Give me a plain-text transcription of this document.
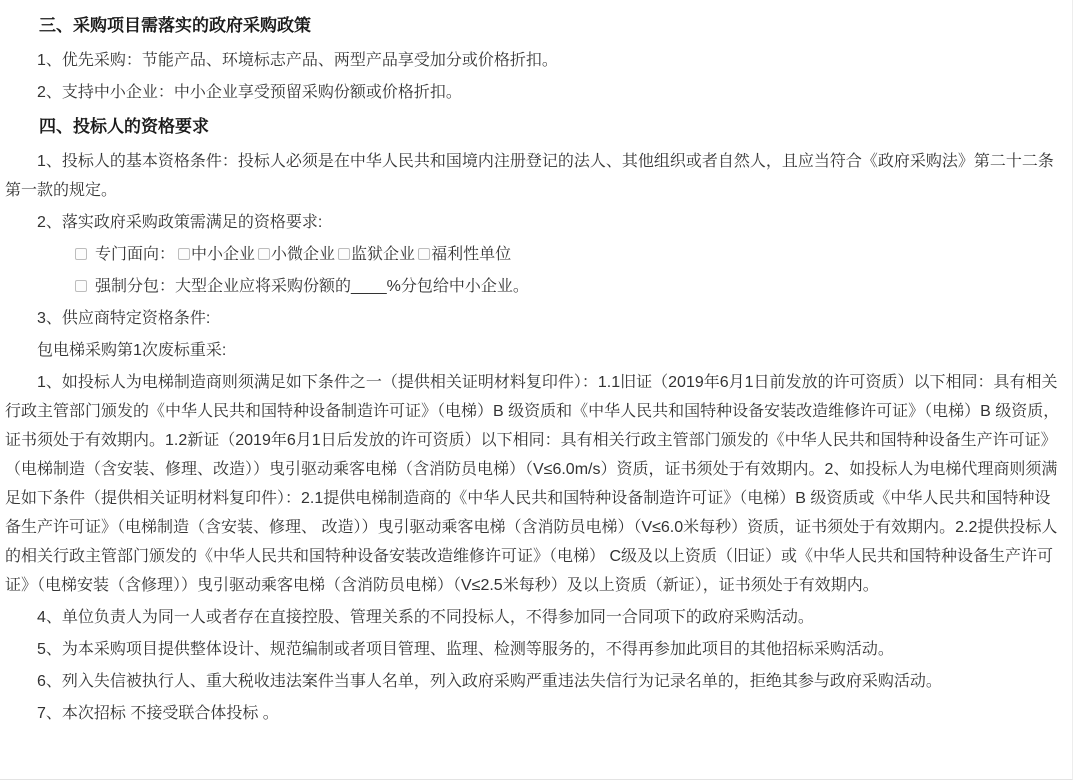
三、采购项目需落实的政府采购政策

1、优先采购：节能产品、环境标志产品、两型产品享受加分或价格折扣。

2、支持中小企业：中小企业享受预留采购份额或价格折扣。

四、投标人的资格要求

1、投标人的基本资格条件：投标人必须是在中华人民共和国境内注册登记的法人、其他组织或者自然人，且应当符合《政府采购法》第二十二条第一款的规定。

2、落实政府采购政策需满足的资格要求:

专门面向： 中小企业 小微企业 监狱企业 福利性单位
强制分包：大型企业应将采购份额的____%分包给中小企业。

3、供应商特定资格条件:

包电梯采购第1次废标重采:

1、如投标人为电梯制造商则须满足如下条件之一（提供相关证明材料复印件）：1.1旧证（2019年6月1日前发放的许可资质）以下相同：具有相关行政主管部门颁发的《中华人民共和国特种设备制造许可证》（电梯）B 级资质和《中华人民共和国特种设备安装改造维修许可证》（电梯）B 级资质，证书须处于有效期内。1.2新证（2019年6月1日后发放的许可资质）以下相同：具有相关行政主管部门颁发的《中华人民共和国特种设备生产许可证》（电梯制造（含安装、修理、改造））曳引驱动乘客电梯（含消防员电梯）（V≤6.0m/s）资质，证书须处于有效期内。2、如投标人为电梯代理商则须满足如下条件（提供相关证明材料复印件）：2.1提供电梯制造商的《中华人民共和国特种设备制造许可证》（电梯）B 级资质或《中华人民共和国特种设备生产许可证》（电梯制造（含安装、修理、 改造））曳引驱动乘客电梯（含消防员电梯）（V≤6.0米每秒）资质，证书须处于有效期内。2.2提供投标人的相关行政主管部门颁发的《中华人民共和国特种设备安装改造维修许可证》（电梯） C级及以上资质（旧证）或《中华人民共和国特种设备生产许可证》（电梯安装（含修理））曳引驱动乘客电梯（含消防员电梯）（V≤2.5米每秒）及以上资质（新证），证书须处于有效期内。

4、单位负责人为同一人或者存在直接控股、管理关系的不同投标人，不得参加同一合同项下的政府采购活动。

5、为本采购项目提供整体设计、规范编制或者项目管理、监理、检测等服务的，不得再参加此项目的其他招标采购活动。

6、列入失信被执行人、重大税收违法案件当事人名单，列入政府采购严重违法失信行为记录名单的，拒绝其参与政府采购活动。

7、本次招标 不接受联合体投标 。
